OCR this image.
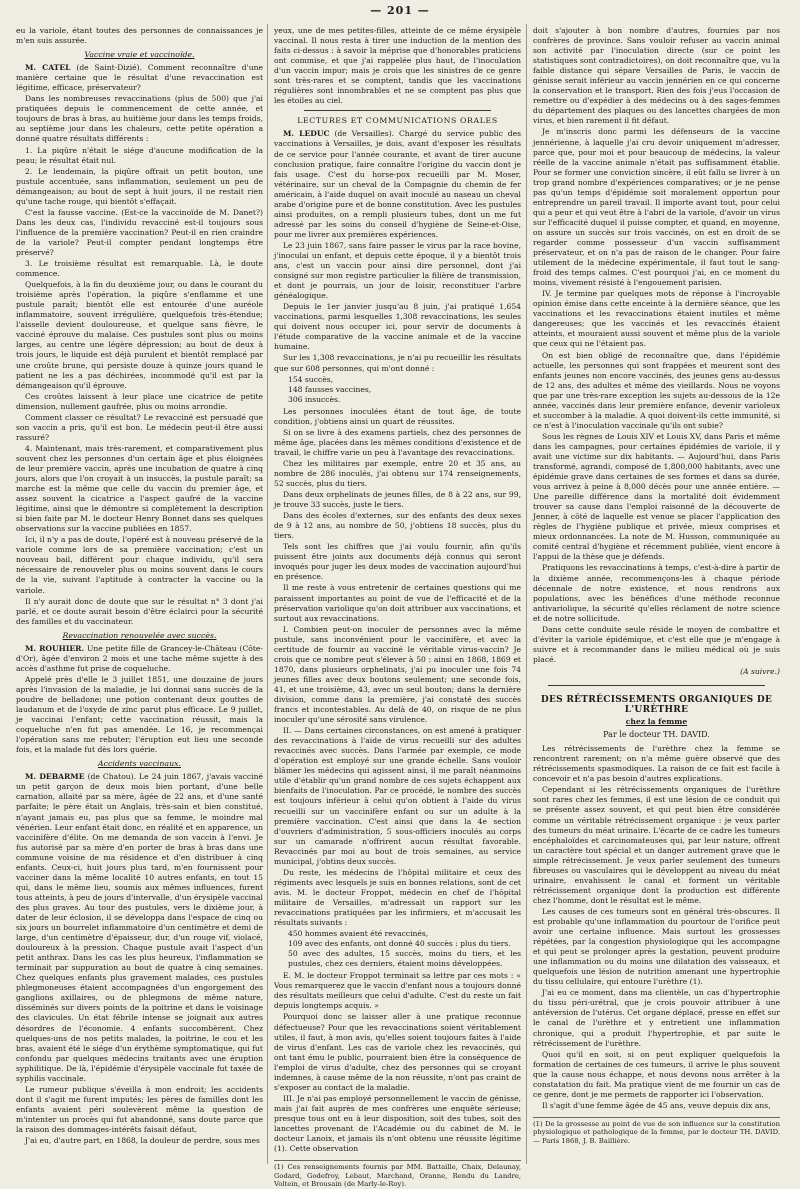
— 201 —

eu la variole, étant toutes des personnes de connaissances je m'en suis assurée.

Vaccine vraie et vaccinoïde.

M. CATEL (de Saint-Dizié). Comment reconnaître d'une manière certaine que le résultat d'une revaccination est légitime, efficace, préservateur?

Dans les nombreuses revaccinations (plus de 500) que j'ai pratiquées depuis le commencement de cette année, et toujours de bras à bras, au huitième jour dans les temps froids, au septième jour dans les chaleurs, cette petite opération a donné quatre résultats différents :

1. La piqûre n'était le siége d'aucune modification de la peau; le résultat était nul.

2. Le lendemain, la piqûre offrait un petit bouton, une pustule accentuée, sans inflammation, seulement un peu de démangeaison; au bout de sept à huit jours, il ne restait rien qu'une tache rouge, qui bientôt s'effaçait.

C'est la fausse vaccine. (Est-ce la vaccinoïde de M. Danet?) Dans les deux cas, l'individu revacciné est-il toujours sous l'influence de la première vaccination? Peut-il en rien craindre de la variole? Peut-il compter pendant longtemps être préservé?

3. Le troisième résultat est remarquable. Là, le doute commence.

Quelquefois, à la fin du deuxième jour, ou dans le courant du troisième après l'opération, la piqûre s'enflamme et une pustule paraît; bientôt elle est entourée d'une auréole inflammatoire, souvent irrégulière, quelquefois très-étendue; l'aisselle devient douloureuse, et quelque sans fièvre, le vacciné éprouve du malaise. Ces pustules sont plus ou moins larges, au centre une légère dépression; au bout de deux à trois jours, le liquide est déjà purulent et bientôt remplacé par une croûte brune, qui persiste douze à quinze jours quand le patient ne les a pas déchirées, incommodé qu'il est par la démangeaison qu'il éprouve.

Ces croûtes laissent à leur place une cicatrice de petite dimension, nullement gaufrée, plus ou moins arrondie.

Comment classer ce résultat? Le revacciné est persuadé que son vaccin a pris, qu'il est bon. Le médecin peut-il être aussi rassuré?

4. Maintenant, mais très-rarement, et comparativement plus souvent chez les personnes d'un certain âge et plus éloignées de leur première vaccin, après une incubation de quatre à cinq jours, alors que l'on croyait à un insuccès, la pustule paraît; sa marche est la même que celle du vaccin du premier âge, et assez souvent la cicatrice a l'aspect gaufré de la vaccine légitime, ainsi que le démontre si complètement la description si bien faite par M. le docteur Henry Bonnet dans ses quelques observations sur la vaccine publiées en 1857.

Ici, il n'y a pas de doute, l'opéré est à nouveau préservé de la variole comme lors de sa première vaccination; c'est un nouveau bail, différent pour chaque individu, qu'il sera nécessaire de renouveler plus ou moins souvent dans le cours de la vie, suivant l'aptitude à contracter la vaccine ou la variole.

Il n'y aurait donc de doute que sur le résultat n° 3 dont j'ai parlé, et ce doute aurait besoin d'être éclairci pour la sécurité des familles et du vaccinateur.

Revaccination renouvelée avec succès.

M. ROUHIER. Une petite fille de Grancey-le-Château (Côte-d'Or), âgée d'environ 2 mois et une tache même sujette à des accès d'asthme fut prise de coqueluche.

Appelé près d'elle le 3 juillet 1851, une douzaine de jours après l'invasion de la maladie, je lui donnai sans succès de la poudre de belladone; une potion contenant deux gouttes de laudanum et de l'oxyde de zinc parut plus efficace. Le 9 juillet, je vaccinai l'enfant; cette vaccination réussit, mais la coqueluche n'en fut pas amendée. Le 16, je recommençai l'opération sans me rebuter; l'éruption eut lieu une seconde fois, et la malade fut dès lors guérie.

Accidents vaccinaux.

M. DEBARME (de Chatou). Le 24 juin 1867, j'avais vacciné un petit garçon de deux mois bien portant, d'une belle carnation, allaité par sa mère, âgée de 22 ans, et d'une santé parfaite; le père était un Anglais, très-sain et bien constitué, n'ayant jamais eu, pas plus que sa femme, le moindre mal vénérien. Leur enfant était donc, en réalité et en apparence, un vaccinifère d'élite. On me demanda de son vaccin à l'envi. Je fus autorisé par sa mère d'en porter de bras à bras dans une commune voisine de ma résidence et d'en distribuer à cinq enfants. Ceux-ci, huit jours plus tard, m'en fournissent pour vacciner dans la même localité 10 autres enfants, en tout 15 qui, dans le même lieu, soumis aux mêmes influences, furent tous atteints, à peu de jours d'intervalle, d'un érysipèle vaccinal des plus graves. Au tour des pustules, vers le dixième jour, à dater de leur éclosion, il se développa dans l'espace de cinq ou six jours un bourrelet inflammatoire d'un centimètre et demi de large, d'un centimètre d'épaisseur, dur, d'un rouge vif, violacé, douloureux à la pression. Chaque pustule avait l'aspect d'un petit anthrax. Dans les cas les plus heureux, l'inflammation se terminait par suppuration au bout de quatre à cinq semaines. Chez quelques enfants plus gravement malades, ces pustules phlegmoneuses étaient accompagnées d'un engorgement des ganglions axillaires, ou de phlegmons de même nature, disséminés sur divers points de la poitrine et dans le voisinage des clavicules. Un état fébrile intense se joignait aux autres désordres de l'économie. 4 enfants succombèrent. Chez quelques-uns de nos petits malades, la poitrine, le cou et les bras, avaient été le siége d'un érythème symptomatique, qui fut confondu par quelques médecins traitants avec une éruption syphilitique. De là, l'épidémie d'érysipèle vaccinale fut taxée de syphilis vaccinale.

Le rumeur publique s'éveilla à mon endroit; les accidents dont il s'agit me furent imputés; les pères de familles dont les enfants avaient péri soulevèrent même la question de m'intenter un procès qui fut abandonné, sans doute parce que la raison des dommages-intérêts faisait défaut.

J'ai eu, d'autre part, en 1868, la douleur de perdre, sous mes

yeux, une de mes petites-filles, atteinte de ce même érysipèle vaccinal. Il nous resta à tirer une induction de la mention des faits ci-dessus : à savoir la méprise que d'honorables praticiens ont commise, et que j'ai rappelée plus haut, de l'inoculation d'un vaccin impur; mais je crois que les sinistres de ce genre sont très-rares et se comptent, tandis que les vaccinations régulières sont innombrables et ne se comptent pas plus que les étoiles au ciel.

LECTURES ET COMMUNICATIONS ORALES

M. LEDUC (de Versailles). Chargé du service public des vaccinations à Versailles, je dois, avant d'exposer les résultats de ce service pour l'année courante, et avant de tirer aucune conclusion pratique, faire connaître l'origine du vaccin dont je fais usage. C'est du horse-pox recueilli par M. Moser, vétérinaire, sur un cheval de la Compagnie du chemin de fer américain, à l'aide duquel on avait inoculé au naseau un cheval arabe d'origine pure et de bonne constitution. Avec les pustules ainsi produites, on a rempli plusieurs tubes, dont un me fut adressé par les soins du conseil d'hygiène de Seine-et-Oise, pour me livrer aux premières expériences.

Le 23 juin 1867, sans faire passer le virus par la race bovine, j'inoculai un enfant, et depuis cette époque, il y a bientôt trois ans, c'est un vaccin pour ainsi dire personnel, dont j'ai consigné sur mon registre particulier la filière de transmission, et dont je pourrais, un jour de loisir, reconstituer l'arbre généalogique.

Depuis le 1er janvier jusqu'au 8 juin, j'ai pratiqué 1,654 vaccinations, parmi lesquelles 1,308 revaccinations, les seules qui doivent nous occuper ici, pour servir de documents à l'étude comparative de la vaccine animale et de la vaccine humaine.

Sur les 1,308 revaccinations, je n'ai pu recueillir les résultats que sur 608 personnes, qui m'ont donné :

154 succès,
148 fausses vaccines,
306 insuccès.

Les personnes inoculées étant de tout âge, de toute condition, j'obtiens ainsi un quart de réussites.

Si on se livre à des examens partiels, chez des personnes de même âge, placées dans les mêmes conditions d'existence et de travail, le chiffre varie un peu à l'avantage des revaccinations.

Chez les militaires par exemple, entre 20 et 35 ans, au nombre de 286 inoculés, j'ai obtenu sur 174 renseignements, 52 succès, plus du tiers.

Dans deux orphelinats de jeunes filles, de 8 à 22 ans, sur 99, je trouve 33 succès, juste le tiers.

Dans des écoles d'externes, sur des enfants des deux sexes de 9 à 12 ans, au nombre de 50, j'obtiens 18 succès, plus du tiers.

Tels sont les chiffres que j'ai voulu fournir, afin qu'ils puissent être joints aux documents déjà connus qui seront invoqués pour juger les deux modes de vaccination aujourd'hui en présence.

Il me reste à vous entretenir de certaines questions qui me paraissent importantes au point de vue de l'efficacité et de la préservation variolique qu'on doit attribuer aux vaccinations, et surtout aux revaccinations.

I. Combien peut-on inoculer de personnes avec la même pustule, sans inconvénient pour le vaccinifère, et avec la certitude de fournir au vacciné le véritable virus-vaccin? Je crois que ce nombre peut s'élever à 50 : ainsi en 1868, 1869 et 1870, dans plusieurs orphelinats, j'ai pu inoculer une fois 74 jeunes filles avec deux boutons seulement; une seconde fois, 41, et une troisième, 43, avec un seul bouton; dans la dernière division, comme dans la première, j'ai constaté des succès francs et incontestables. Au delà de 40, on risque de ne plus inoculer qu'une sérosité sans virulence.

II. — Dans certaines circonstances, on est amené à pratiquer des revaccinations à l'aide de virus recueilli sur des adultes revaccinés avec succès. Dans l'armée par exemple, ce mode d'opération est employé sur une grande échelle. Sans vouloir blâmer les médecins qui agissent ainsi, il me paraît néanmoins utile d'établir qu'un grand nombre de ces sujets échappent aux bienfaits de l'inoculation. Par ce procédé, le nombre des succès est toujours inférieur à celui qu'on obtient à l'aide du virus recueilli sur un vaccinifère enfant ou sur un adulte à la première vaccination. C'est ainsi que dans la 4e section d'ouvriers d'administration, 5 sous-officiers inoculés au corps sur un camarade n'offrirent aucun résultat favorable. Revaccinés par moi au bout de trois semaines, au service municipal, j'obtins deux succès.

Du reste, les médecins de l'hôpital militaire et ceux des régiments avec lesquels je suis en bonnes relations, sont de cet avis. M. le docteur Froppot, médecin en chef de l'hôpital militaire de Versailles, m'adressait un rapport sur les revaccinations pratiquées par les infirmiers, et m'accusait les résultats suivants :

450 hommes avaient été revaccinés,
109 avec des enfants, ont donné 40 succès : plus du tiers.
50 avec des adultes, 15 succès, moins du tiers, et les pustules, chez ces derniers, étaient moins développées.

E. M. le docteur Froppot terminait sa lettre par ces mots : « Vous remarquerez que le vaccin d'enfant nous a toujours donné des résultats meilleurs que celui d'adulte. C'est du reste un fait depuis longtemps acquis. »

Pourquoi donc se laisser aller à une pratique reconnue défectueuse? Pour que les revaccinations soient véritablement utiles, il faut, à mon avis, qu'elles soient toujours faites à l'aide de virus d'enfant. Les cas de variole chez les revaccinés, qui ont tant ému le public, pourraient bien être la conséquence de l'emploi de virus d'adulte, chez des personnes qui se croyant indemnes, à cause même de la non réussite, n'ont pas craint de s'exposer au contact de la maladie.

III. Je n'ai pas employé personnellement le vaccin de génisse, mais j'ai fait auprès de mes confrères une enquête sérieuse; presque tous ont eu à leur disposition, soit des tubes, soit des lancettes provenant de l'Académie ou du cabinet de M. le docteur Lanoix, et jamais ils n'ont obtenu une réussite légitime (1). Cette observation

(1) Ces renseignements fournis par MM. Battaille, Chaix, Delaunay, Godard, Godefroy, Lebaut, Marchand, Oranne, Rendu du Landre, Voltein, et Brousain (de Marly-le-Roy).

doit s'ajouter à bon nombre d'autres, fournies par nos confrères de province. Sans vouloir refuser au vaccin animal son activité par l'inoculation directe (sur ce point les statistiques sont contradictoires), on doit reconnaître que, vu la faible distance qui sépare Versailles de Paris, le vaccin de génisse serait inférieur au vaccin jennérien en ce qui concerne la conservation et le transport. Rien des fois j'eus l'occasion de remettre ou d'expédier à des médecins ou à des sages-femmes du département des plaques ou des lancettes chargées de mon virus, et bien rarement il fit défaut.

Je m'inscris donc parmi les défenseurs de la vaccine jennérienne, à laquelle j'ai cru devoir uniquement m'adresser, parce que, pour moi et pour beaucoup de médecins, la valeur réelle de la vaccine animale n'était pas suffisamment établie. Pour se former une conviction sincère, il eût fallu se livrer à un trop grand nombre d'expériences comparatives; or je ne pense pas qu'un temps d'épidémie soit moralement opportun pour entreprendre un pareil travail. Il importe avant tout, pour celui qui a peur et qui veut être à l'abri de la variole, d'avoir un virus sur l'efficacité duquel il puisse compter, et quand, en moyenne, on assure un succès sur trois vaccinés, on est en droit de se regarder comme possesseur d'un vaccin suffisamment préservateur, et on n'a pas de raison de le changer. Pour faire utilement de la médecine expérimentale, il faut tout le sang-froid des temps calmes. C'est pourquoi j'ai, en ce moment du moins, vivement résisté à l'engouement parisien.

IV. Je termine par quelques mots de réponse à l'incroyable opinion émise dans cette enceinte à la dernière séance, que les vaccinations et les revaccinations étaient inutiles et même dangereuses; que les vaccinés et les revaccinés étaient atteints, et mouraient aussi souvent et même plus de la variole que ceux qui ne l'étaient pas.

On est bien obligé de reconnaître que, dans l'épidémie actuelle, les personnes qui sont frappées et meurent sont des enfants jeunes non encore vaccinés, des jeunes gens au-dessus de 12 ans, des adultes et même des vieillards. Nous ne voyons que par une très-rare exception les sujets au-dessous de la 12e année, vaccinés dans leur première enfance, devenir varioleux et succomber à la maladie. A quoi doivent-ils cette immunité, si ce n'est à l'inoculation vaccinale qu'ils ont subie?

Sous les règnes de Louis XIV et Louis XV, dans Paris et même dans les campagnes, pour certaines épidémies de variole, il y avait une victime sur dix habitants. — Aujourd'hui, dans Paris transformé, agrandi, composé de 1,800,000 habitants, avec une épidémie grave dans certaines de ses formes et dans sa durée, vous arrivez à peine à 8,000 décès pour une année entière. — Une pareille différence dans la mortalité doit évidemment trouver sa cause dans l'emploi raisonné de la découverte de Jenner, à côté de laquelle est venue se placer l'application des règles de l'hygiène publique et privée, mieux comprises et mieux ordonnancées. La note de M. Husson, communiquée au comité central d'hygiène et récemment publiée, vient encore à l'appui de la thèse que je défends.

Pratiquons les revaccinations à temps, c'est-à-dire à partir de la dixième année, recommençons-les à chaque période décennale de notre existence, et nous rendrons aux populations, avec les bénéfices d'une méthode reconnue antivariolique, la sécurité qu'elles réclament de notre science et de notre sollicitude.

Dans cette conduite seule réside le moyen de combattre et d'éviter la variole épidémique, et c'est elle que je m'engage à suivre et à recommander dans le milieu médical où je suis placé.

(A suivre.)
DES RÉTRÉCISSEMENTS ORGANIQUES DE L'URÈTHRE
chez la femme
Par le docteur TH. DAVID.

Les rétrécissements de l'urèthre chez la femme se rencontrent rarement; on n'a même guère observé que des rétrécissements spasmodiques. La raison de ce fait est facile à concevoir et n'a pas besoin d'autres explications.

Cependant si les rétrécissements organiques de l'urèthre sont rares chez les femmes, il est une lésion de ce conduit qui se présente assez souvent, et qui peut bien être considérée comme un véritable rétrécissement organique : je veux parler des tumeurs du méat urinaire. L'écarte de ce cadre les tumeurs encéphaloïdes et carcinomateuses qui, par leur nature, offrent un caractère tout spécial et un danger autrement grave que le simple rétrécissement. Je veux parler seulement des tumeurs fibreuses ou vasculaires qui le développent au niveau du méat urinaire, envahissent le canal et forment un véritable rétrécissement organique dont la production est différente chez l'homme, dont le résultat est le même.

Les causes de ces tumeurs sont en général très-obscures. Il est probable qu'une inflammation du pourtour de l'orifice peut avoir une certaine influence. Mais surtout les grossesses répétées, par la congestion physiologique qui les accompagne et qui peut se prolonger après la gestation, peuvent produire une inflammation ou du moins une dilatation des vaisseaux, et quelquefois une lésion de nutrition amenant une hypertrophie du tissu cellulaire, qui entoure l'urèthre (1).

J'ai eu ce moment, dans ma clientèle, un cas d'hypertrophie du tissu péri-urétral, que je crois pouvoir attribuer à une antéversion de l'utérus. Cet organe déplacé, presse en effet sur le canal de l'urèthre et y entretient une inflammation chronique, qui a produit l'hypertrophie, et par suite le rétrécissement de l'urèthre.

Quoi qu'il en soit, si on peut expliquer quelquefois la formation de certaines de ces tumeurs, il arrive le plus souvent que la cause nous échappe, et nous devons nous arrêter à la constatation du fait. Ma pratique vient de me fournir un cas de ce genre, dont je me permets de rapporter ici l'observation.

Il s'agit d'une femme âgée de 45 ans, veuve depuis dix ans,

(1) De la grossesse au point de vue de son influence sur la constitution physiologique et pathologique de la femme, par le docteur TH. DAVID. — Paris 1868, J. B. Baillière.
